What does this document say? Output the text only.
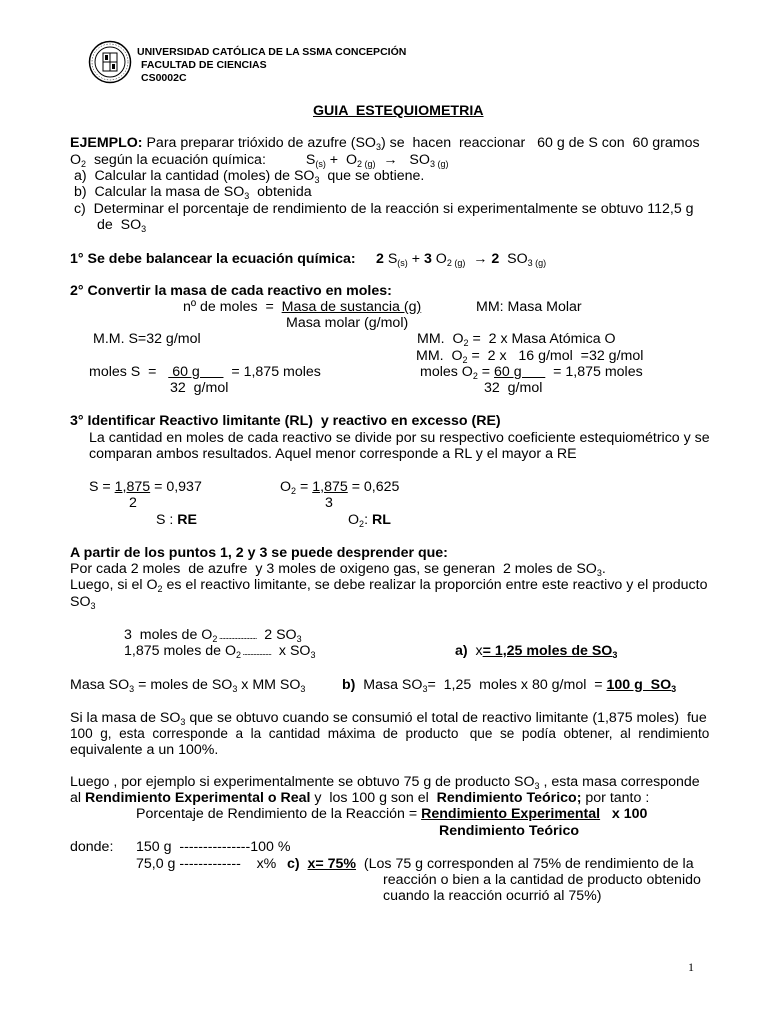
UNIVERSIDAD CATÓLICA DE LA SSMA CONCEPCIÓN
FACULTAD DE CIENCIAS
CS0002C
GUIA  ESTEQUIOMETRIA
EJEMPLO: Para preparar trióxido de azufre $(SO_3)$ se  hacen  reaccionar   60 g de S con  60 gramos
$O_2$  según la ecuación química:	$S_{(s)} + O_{2 (g)} \to SO_{3 (g)}$
a)  Calcular la cantidad (moles) de $SO_3$  que se obtiene.
b)  Calcular la masa de $SO_3$  obtenida
c)  Determinar el porcentaje de rendimiento de la reacción si experimentalmente se obtuvo 112,5 g
de  $SO_3$
1° Se debe balancear la ecuación química: 2 $S_{(s)} + 3$ $O_{2 (g)} \to 2$  $SO_{3 (g)}$
2° Convertir la masa de cada reactivo en moles:
nº de moles  =  Masa de sustancia (g)	MM: Masa Molar
Masa molar (g/mol)
M.M. S=32 g/mol	MM.  $O_2 = 2$ x Masa Atómica O
MM.  $O_2 = 2$ x   16 g/mol  =32 g/mol
moles S  =    60 g        = 1,875 moles
32  g/mol
moles $O_2 = 60$ g        = 1,875 moles
32  g/mol
3° Identificar Reactivo limitante (RL)  y reactivo en excesso (RE)
La cantidad en moles de cada reactivo se divide por su respectivo coeficiente estequiométrico y se
comparan ambos resultados. Aquel menor corresponde a RL y el mayor a RE
S = 1,875 = 0,937
2
$O_2 = 1,875 = 0,625$
3
S : RE	$O_2$: RL
A partir de los puntos 1, 2 y 3 se puede desprender que:
Por cada 2 moles  de azufre  y 3 moles de oxigeno gas, se generan  2 moles de $SO_3$.
Luego, si el $O_2$ es el reactivo limitante, se debe realizar la proporción entre este reactivo y el producto
$SO_3$
3  moles de $O_2$ .........................  2 $SO_3$
1,875 moles de $O_2$ ...................  x $SO_3$	a)  x= 1,25 moles de $SO_3$
Masa $SO_3$ = moles de $SO_3$ x MM $SO_3$	b)  Masa $SO_3= 1,25$  moles x 80 g/mol  = 100 g  $SO_3$
Si la masa de $SO_3$ que se obtuvo cuando se consumió el total de reactivo limitante (1,875 moles)  fue
100  g,  esta  corresponde  a  la  cantidad  máxima  de  producto   que  se  podía  obtener,  al  rendimiento
equivalente a un 100%.
Luego , por ejemplo si experimentalmente se obtuvo 75 g de producto $SO_3$ , esta masa corresponde
al Rendimiento Experimental o Real y  los 100 g son el  Rendimiento Teórico; por tanto :
Porcentaje de Rendimiento de la Reacción = Rendimiento Experimental   x 100
Rendimiento Teórico
donde: 150 g  ---------------100 %
75,0 g -------------    x% c) x= 75% (Los 75 g corresponden al 75% de rendimiento de la
reacción o bien a la cantidad de producto obtenido
cuando la reacción ocurrió al 75%)
1
